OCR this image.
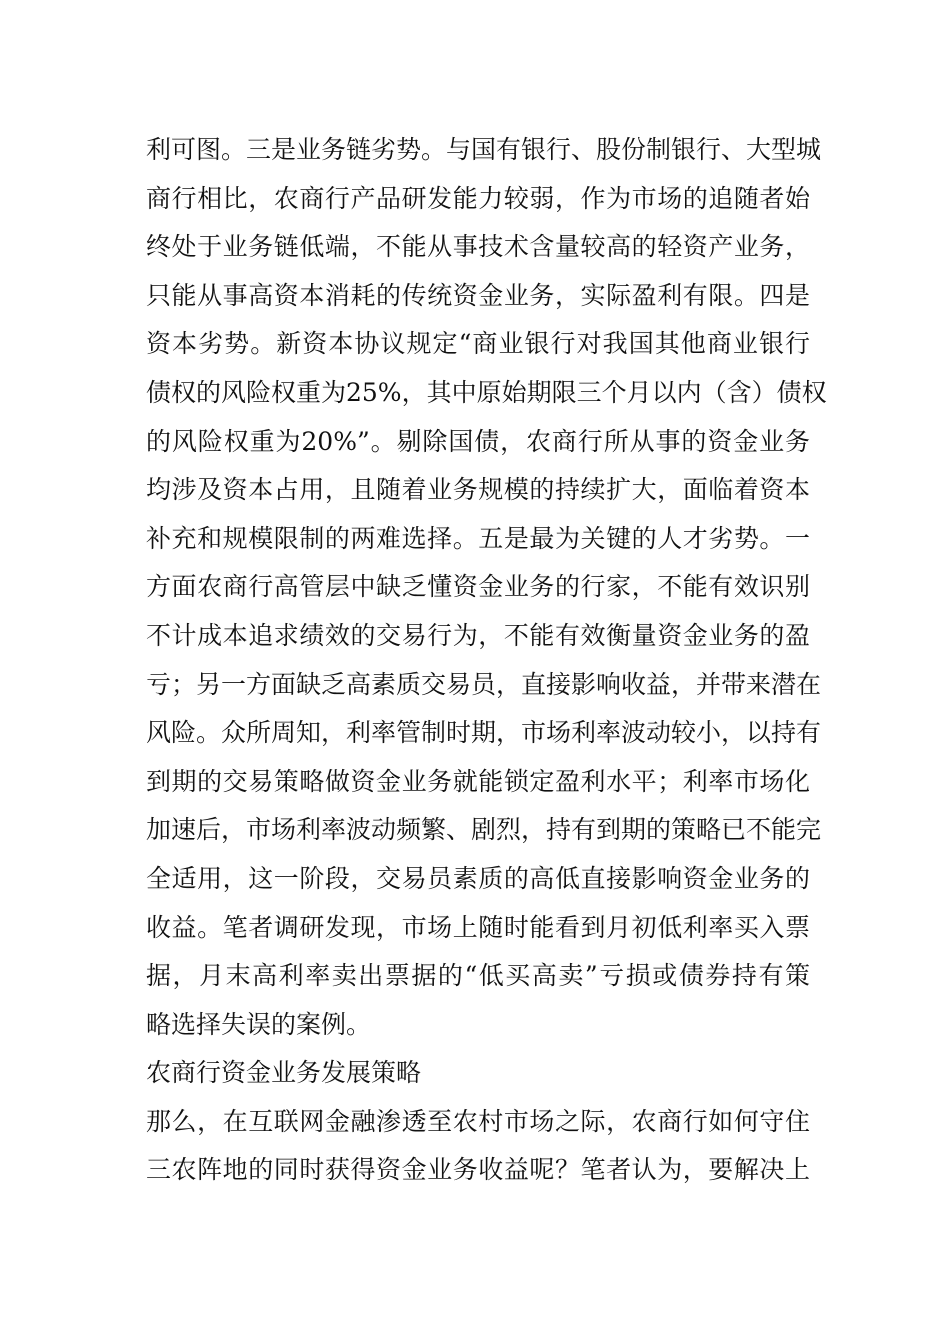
利可图。三是业务链劣势。与国有银行、股份制银行、大型城
商行相比，农商行产品研发能力较弱，作为市场的追随者始
终处于业务链低端，不能从事技术含量较高的轻资产业务，
只能从事高资本消耗的传统资金业务，实际盈利有限。四是
资本劣势。新资本协议规定“商业银行对我国其他商业银行
债权的风险权重为25%，其中原始期限三个月以内（含）债权
的风险权重为20%”。剔除国债，农商行所从事的资金业务
均涉及资本占用，且随着业务规模的持续扩大，面临着资本
补充和规模限制的两难选择。五是最为关键的人才劣势。一
方面农商行高管层中缺乏懂资金业务的行家，不能有效识别
不计成本追求绩效的交易行为，不能有效衡量资金业务的盈
亏；另一方面缺乏高素质交易员，直接影响收益，并带来潜在
风险。众所周知，利率管制时期，市场利率波动较小，以持有
到期的交易策略做资金业务就能锁定盈利水平；利率市场化
加速后，市场利率波动频繁、剧烈，持有到期的策略已不能完
全适用，这一阶段，交易员素质的高低直接影响资金业务的
收益。笔者调研发现，市场上随时能看到月初低利率买入票
据，月末高利率卖出票据的“低买高卖”亏损或债券持有策
略选择失误的案例。
农商行资金业务发展策略
那么，在互联网金融渗透至农村市场之际，农商行如何守住
三农阵地的同时获得资金业务收益呢？笔者认为，要解决上
